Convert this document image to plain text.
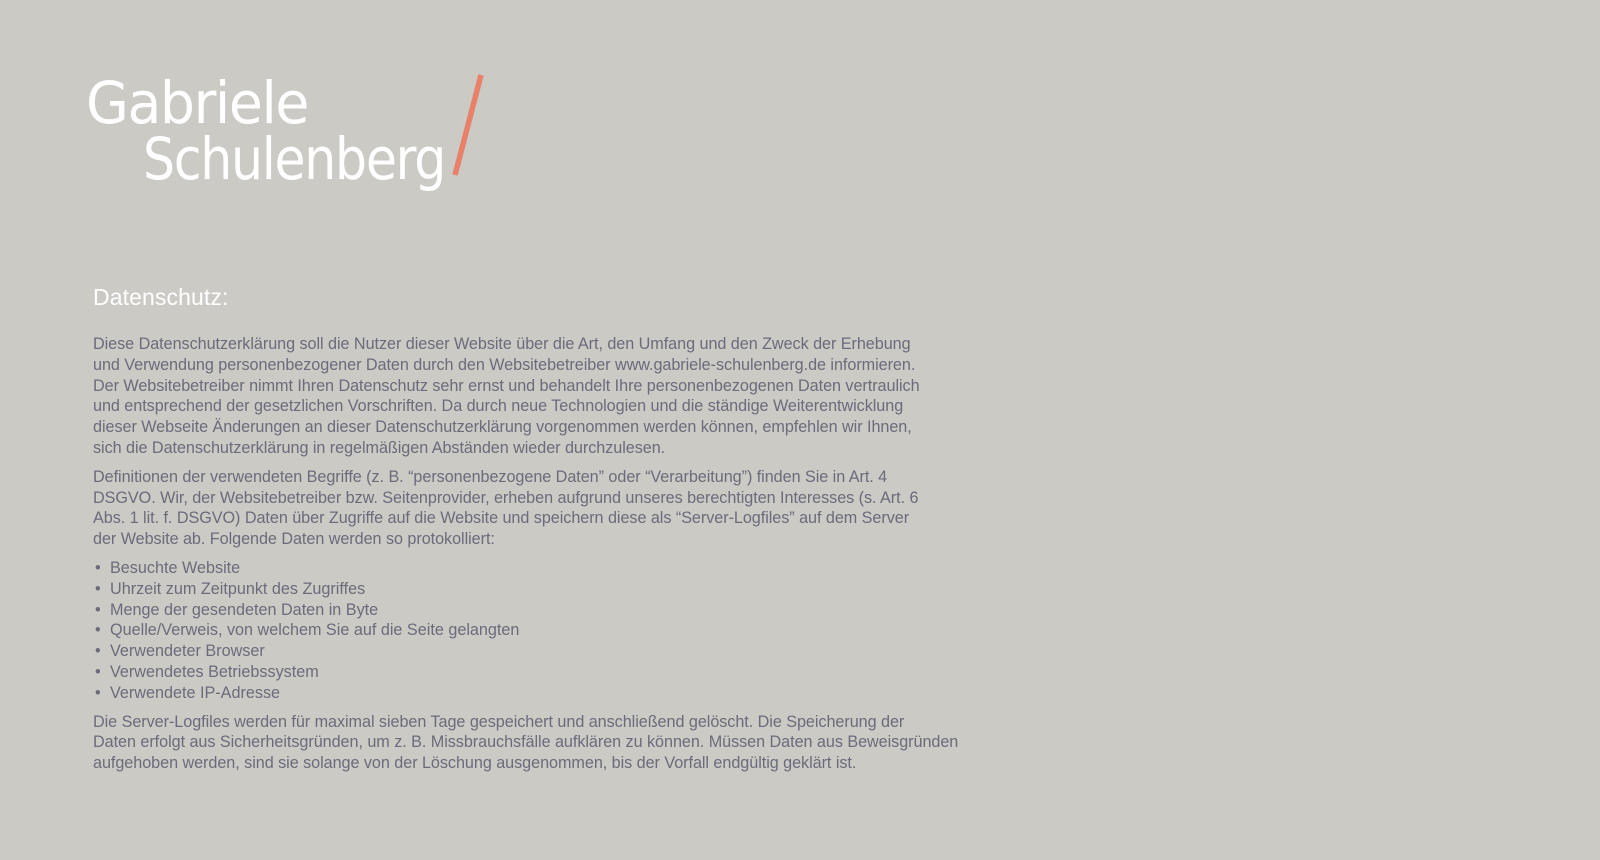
Gabriele
Schulenberg
Datenschutz:

Diese Datenschutzerklärung soll die Nutzer dieser Website über die Art, den Umfang und den Zweck der Erhebung
und Verwendung personenbezogener Daten durch den Websitebetreiber www.gabriele-schulenberg.de informieren.
Der Websitebetreiber nimmt Ihren Datenschutz sehr ernst und behandelt Ihre personenbezogenen Daten vertraulich
und entsprechend der gesetzlichen Vorschriften. Da durch neue Technologien und die ständige Weiterentwicklung
dieser Webseite Änderungen an dieser Datenschutzerklärung vorgenommen werden können, empfehlen wir Ihnen,
sich die Datenschutzerklärung in regelmäßigen Abständen wieder durchzulesen.

Definitionen der verwendeten Begriffe (z. B. “personenbezogene Daten” oder “Verarbeitung”) finden Sie in Art. 4
DSGVO. Wir, der Websitebetreiber bzw. Seitenprovider, erheben aufgrund unseres berechtigten Interesses (s. Art. 6
Abs. 1 lit. f. DSGVO) Daten über Zugriffe auf die Website und speichern diese als “Server-Logfiles” auf dem Server
der Website ab. Folgende Daten werden so protokolliert:

• Besuchte Website
• Uhrzeit zum Zeitpunkt des Zugriffes
• Menge der gesendeten Daten in Byte
• Quelle/Verweis, von welchem Sie auf die Seite gelangten
• Verwendeter Browser
• Verwendetes Betriebssystem
• Verwendete IP-Adresse

Die Server-Logfiles werden für maximal sieben Tage gespeichert und anschließend gelöscht. Die Speicherung der
Daten erfolgt aus Sicherheitsgründen, um z. B. Missbrauchsfälle aufklären zu können. Müssen Daten aus Beweisgründen
aufgehoben werden, sind sie solange von der Löschung ausgenommen, bis der Vorfall endgültig geklärt ist.
